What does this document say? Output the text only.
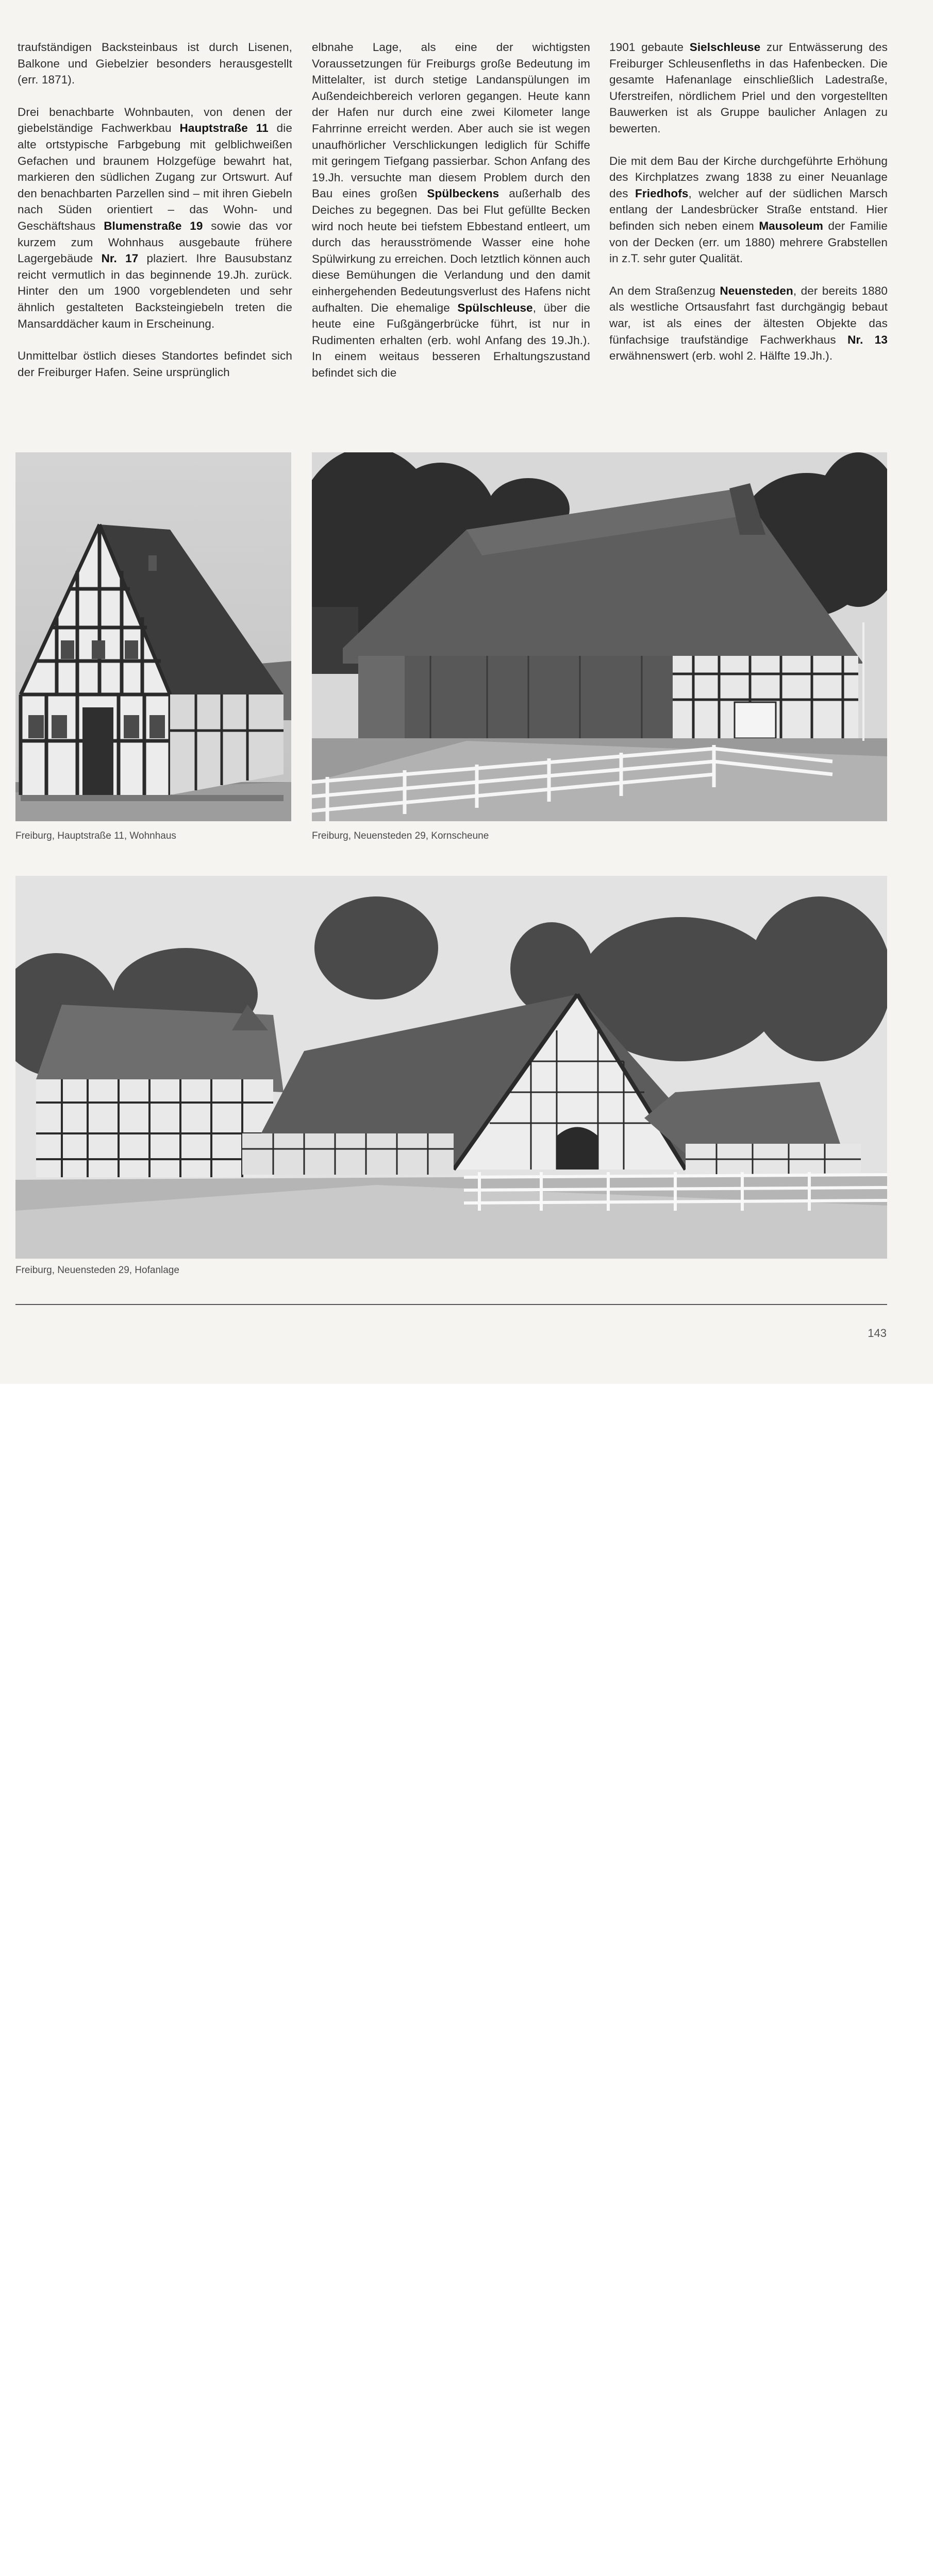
traufständigen Backsteinbaus ist durch Lisenen, Balkone und Giebelzier besonders herausgestellt (err. 1871).

Drei benachbarte Wohnbauten, von denen der giebelständige Fachwerkbau Hauptstraße 11 die alte ortstypische Farbgebung mit gelblichweißen Gefachen und braunem Holzgefüge bewahrt hat, markieren den südlichen Zugang zur Ortswurt. Auf den benachbarten Parzellen sind – mit ihren Giebeln nach Süden orientiert – das Wohn- und Geschäftshaus Blumenstraße 19 sowie das vor kurzem zum Wohnhaus ausgebaute frühere Lagergebäude Nr. 17 plaziert. Ihre Bausubstanz reicht vermutlich in das beginnende 19.Jh. zurück. Hinter den um 1900 vorgeblendeten und sehr ähnlich gestalteten Backsteingiebeln treten die Mansarddächer kaum in Erscheinung.

Unmittelbar östlich dieses Standortes befindet sich der Freiburger Hafen. Seine ursprünglich

elbnahe Lage, als eine der wichtigsten Voraussetzungen für Freiburgs große Bedeutung im Mittelalter, ist durch stetige Landanspülungen im Außendeichbereich verloren gegangen. Heute kann der Hafen nur durch eine zwei Kilometer lange Fahrrinne erreicht werden. Aber auch sie ist wegen unaufhörlicher Verschlickungen lediglich für Schiffe mit geringem Tiefgang passierbar. Schon Anfang des 19.Jh. versuchte man diesem Problem durch den Bau eines großen Spülbeckens außerhalb des Deiches zu begegnen. Das bei Flut gefüllte Becken wird noch heute bei tiefstem Ebbestand entleert, um durch das herausströmende Wasser eine hohe Spülwirkung zu erreichen. Doch letztlich können auch diese Bemühungen die Verlandung und den damit einhergehenden Bedeutungsverlust des Hafens nicht aufhalten. Die ehemalige Spülschleuse, über die heute eine Fußgängerbrücke führt, ist nur in Rudimenten erhalten (erb. wohl Anfang des 19.Jh.). In einem weitaus besseren Erhaltungszustand befindet sich die

1901 gebaute Sielschleuse zur Entwässerung des Freiburger Schleusenfleths in das Hafenbecken. Die gesamte Hafenanlage einschließlich Ladestraße, Uferstreifen, nördlichem Priel und den vorgestellten Bauwerken ist als Gruppe baulicher Anlagen zu bewerten.

Die mit dem Bau der Kirche durchgeführte Erhöhung des Kirchplatzes zwang 1838 zu einer Neuanlage des Friedhofs, welcher auf der südlichen Marsch entlang der Landesbrücker Straße entstand. Hier befinden sich neben einem Mausoleum der Familie von der Decken (err. um 1880) mehrere Grabstellen in z.T. sehr guter Qualität.

An dem Straßenzug Neuensteden, der bereits 1880 als westliche Ortsausfahrt fast durchgängig bebaut war, ist als eines der ältesten Objekte das fünfachsige traufständige Fachwerkhaus Nr. 13 erwähnenswert (erb. wohl 2. Hälfte 19.Jh.).

Freiburg, Hauptstraße 11, Wohnhaus	Freiburg, Neuensteden 29, Kornscheune
Freiburg, Neuensteden 29, Hofanlage
143
